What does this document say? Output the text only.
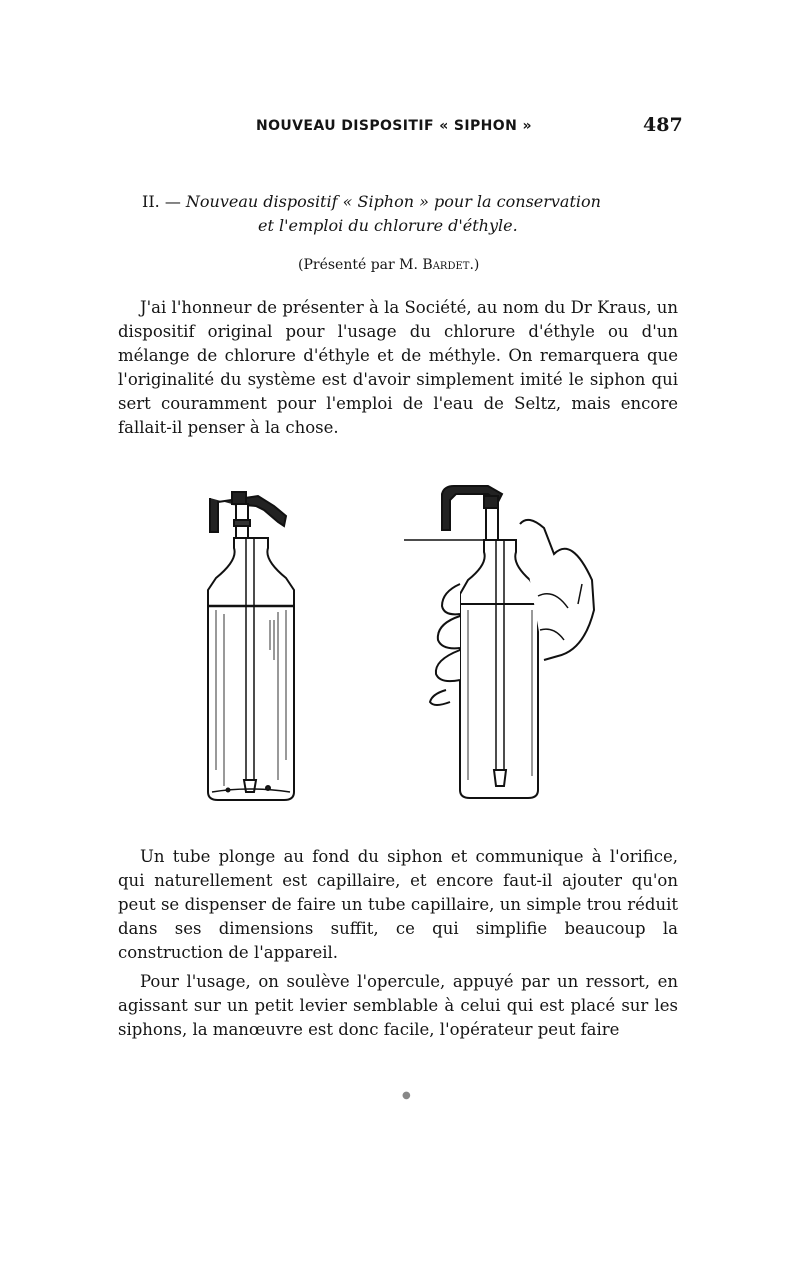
NOUVEAU DISPOSITIF « SIPHON »	487
II. — Nouveau dispositif « Siphon » pour la conservation
et l'emploi du chlorure d'éthyle.
(Présenté par M. Bardet.)

J'ai l'honneur de présenter à la Société, au nom du Dr Kraus, un dispositif original pour l'usage du chlorure d'éthyle ou d'un mélange de chlorure d'éthyle et de méthyle. On remarquera que l'originalité du système est d'avoir simplement imité le siphon qui sert couramment pour l'emploi de l'eau de Seltz, mais encore fallait-il penser à la chose.

Un tube plonge au fond du siphon et communique à l'orifice, qui naturellement est capillaire, et encore faut-il ajouter qu'on peut se dispenser de faire un tube capillaire, un simple trou réduit dans ses dimensions suffit, ce qui simplifie beaucoup la construction de l'appareil.

Pour l'usage, on soulève l'opercule, appuyé par un ressort, en agissant sur un petit levier semblable à celui qui est placé sur les siphons, la manœuvre est donc facile, l'opérateur peut faire

●
